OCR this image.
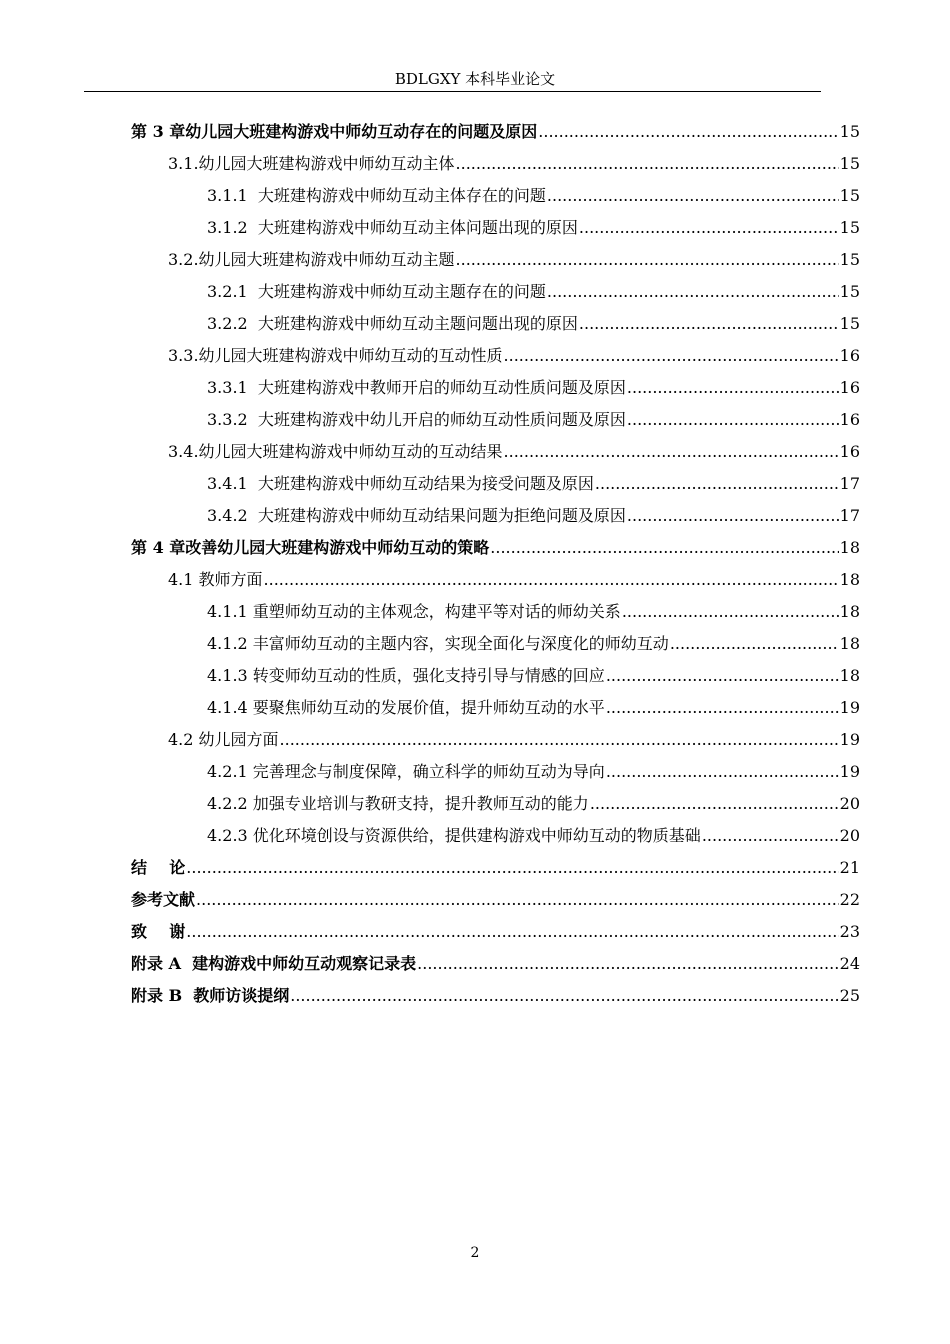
BDLGXY 本科毕业论文
第 3 章幼儿园大班建构游戏中师幼互动存在的问题及原因 .....	15
3.1.幼儿园大班建构游戏中师幼互动主体 .....	15
3.1.1  大班建构游戏中师幼互动主体存在的问题 .....	15
3.1.2  大班建构游戏中师幼互动主体问题出现的原因 .....	15
3.2.幼儿园大班建构游戏中师幼互动主题 .....	15
3.2.1  大班建构游戏中师幼互动主题存在的问题 .....	15
3.2.2  大班建构游戏中师幼互动主题问题出现的原因 .....	15
3.3.幼儿园大班建构游戏中师幼互动的互动性质 .....	16
3.3.1  大班建构游戏中教师开启的师幼互动性质问题及原因 .....	16
3.3.2  大班建构游戏中幼儿开启的师幼互动性质问题及原因 .....	16
3.4.幼儿园大班建构游戏中师幼互动的互动结果 .....	16
3.4.1  大班建构游戏中师幼互动结果为接受问题及原因 .....	17
3.4.2  大班建构游戏中师幼互动结果问题为拒绝问题及原因 .....	17
第 4 章改善幼儿园大班建构游戏中师幼互动的策略 .....	18
4.1 教师方面 .....	18
4.1.1 重塑师幼互动的主体观念，构建平等对话的师幼关系 .....	18
4.1.2 丰富师幼互动的主题内容，实现全面化与深度化的师幼互动 .....	18
4.1.3 转变师幼互动的性质，强化支持引导与情感的回应 .....	18
4.1.4 要聚焦师幼互动的发展价值，提升师幼互动的水平 .....	19
4.2 幼儿园方面 .....	19
4.2.1 完善理念与制度保障，确立科学的师幼互动为导向 .....	19
4.2.2 加强专业培训与教研支持，提升教师互动的能力 .....	20
4.2.3 优化环境创设与资源供给，提供建构游戏中师幼互动的物质基础 .....	20
结    论 .....	21
参考文献 .....	22
致    谢 .....	23
附录 A  建构游戏中师幼互动观察记录表 .....	24
附录 B  教师访谈提纲 .....	25
2
